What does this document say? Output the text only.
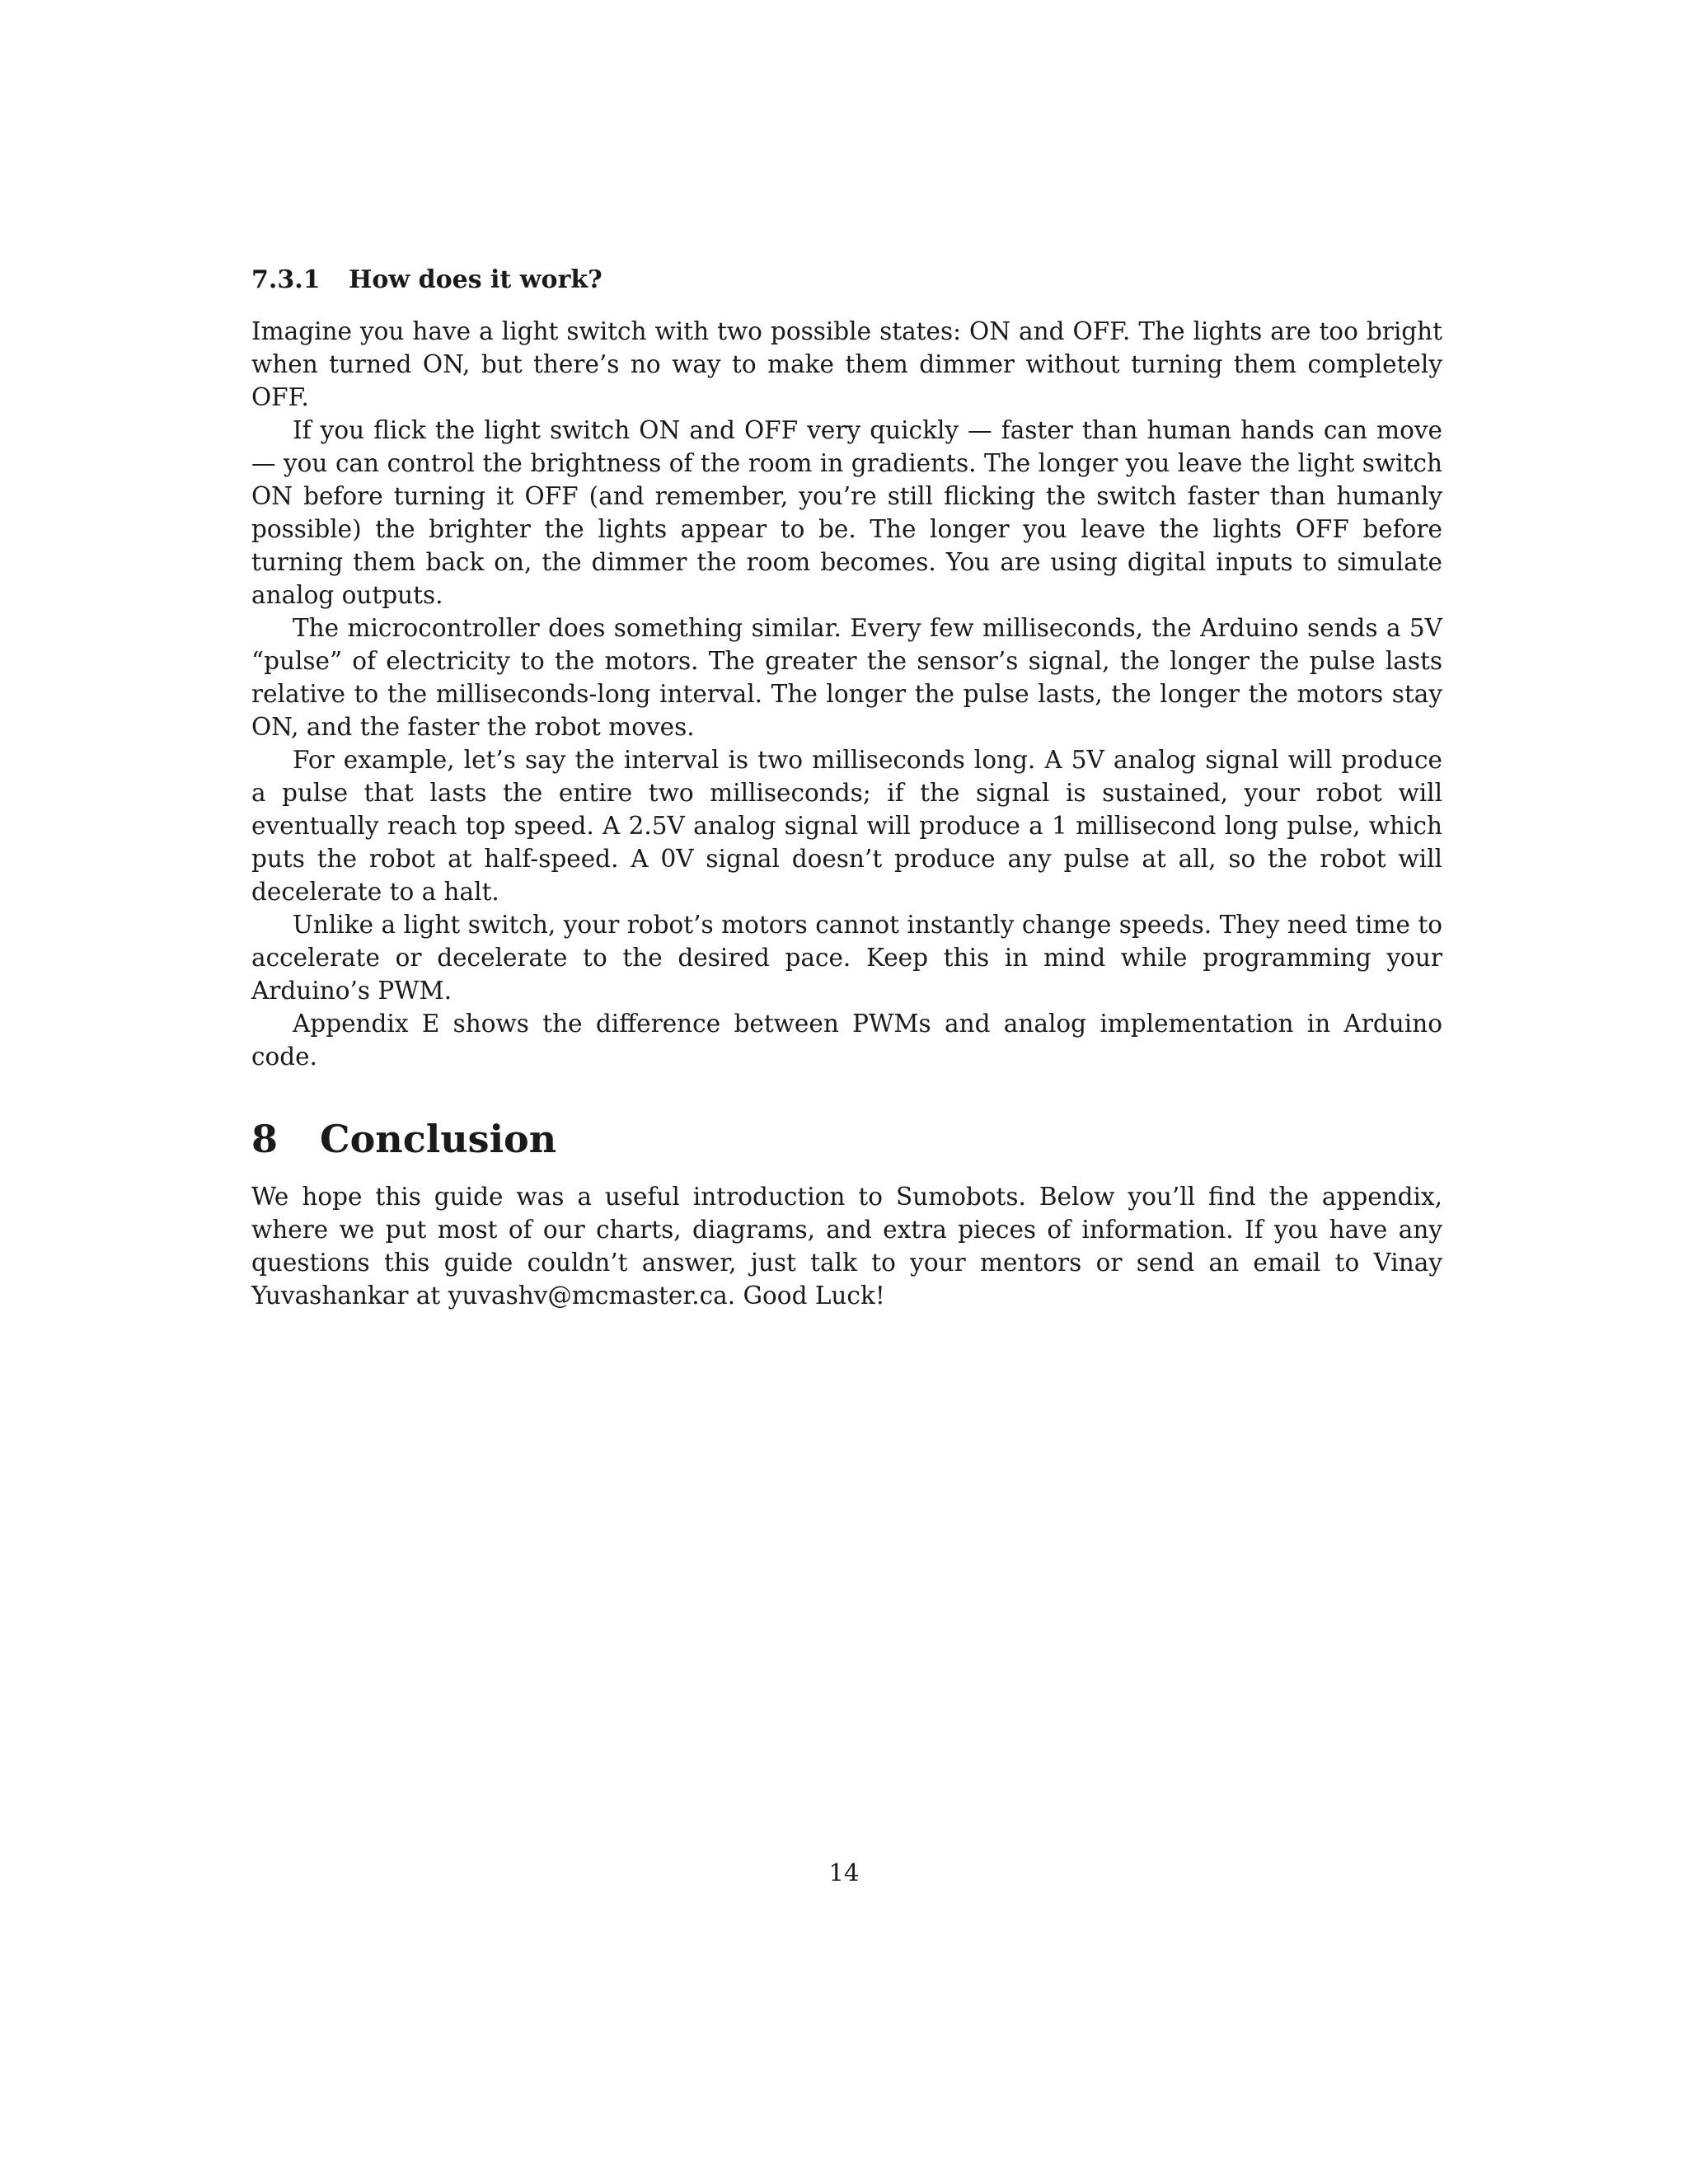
7.3.1	How does it work?

Imagine you have a light switch with two possible states: ON and OFF. The lights are too bright when turned ON, but there’s no way to make them dimmer without turning them completely OFF.

If you flick the light switch ON and OFF very quickly — faster than human hands can move — you can control the brightness of the room in gradients. The longer you leave the light switch ON before turning it OFF (and remember, you’re still flicking the switch faster than humanly possible) the brighter the lights appear to be. The longer you leave the lights OFF before turning them back on, the dimmer the room becomes. You are using digital inputs to simulate analog outputs.

The microcontroller does something similar. Every few milliseconds, the Arduino sends a 5V “pulse” of electricity to the motors. The greater the sensor’s signal, the longer the pulse lasts relative to the milliseconds-long interval. The longer the pulse lasts, the longer the motors stay ON, and the faster the robot moves.

For example, let’s say the interval is two milliseconds long. A 5V analog signal will produce a pulse that lasts the entire two milliseconds; if the signal is sustained, your robot will eventually reach top speed. A 2.5V analog signal will produce a 1 millisecond long pulse, which puts the robot at half-speed. A 0V signal doesn’t produce any pulse at all, so the robot will decelerate to a halt.

Unlike a light switch, your robot’s motors cannot instantly change speeds. They need time to accelerate or decelerate to the desired pace. Keep this in mind while programming your Arduino’s PWM.

Appendix E shows the difference between PWMs and analog implementation in Arduino code.

8	Conclusion

We hope this guide was a useful introduction to Sumobots. Below you’ll find the appendix, where we put most of our charts, diagrams, and extra pieces of information. If you have any questions this guide couldn’t answer, just talk to your mentors or send an email to Vinay Yuvashankar at yuvashv@mcmaster.ca. Good Luck!

14
